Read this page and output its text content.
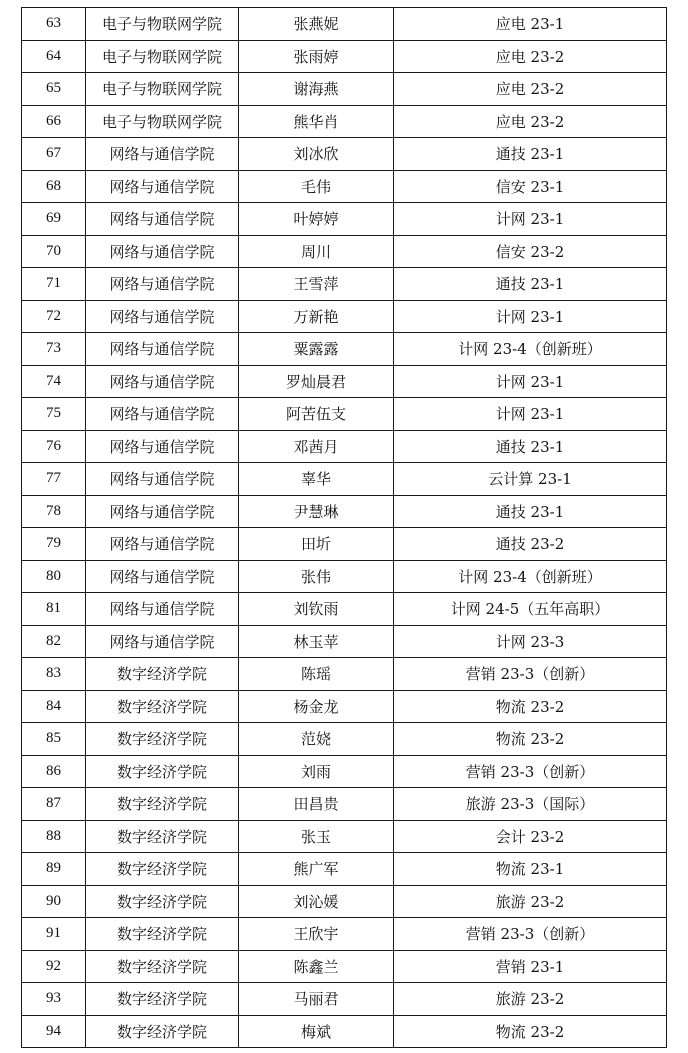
63	电子与物联网学院	张燕妮	应电 23-1
64	电子与物联网学院	张雨婷	应电 23-2
65	电子与物联网学院	谢海燕	应电 23-2
66	电子与物联网学院	熊华肖	应电 23-2
67	网络与通信学院	刘冰欣	通技 23-1
68	网络与通信学院	毛伟	信安 23-1
69	网络与通信学院	叶婷婷	计网 23-1
70	网络与通信学院	周川	信安 23-2
71	网络与通信学院	王雪萍	通技 23-1
72	网络与通信学院	万新艳	计网 23-1
73	网络与通信学院	粟露露	计网 23-4（创新班）
74	网络与通信学院	罗灿晨君	计网 23-1
75	网络与通信学院	阿苦伍支	计网 23-1
76	网络与通信学院	邓茜月	通技 23-1
77	网络与通信学院	辜华	云计算 23-1
78	网络与通信学院	尹慧琳	通技 23-1
79	网络与通信学院	田圻	通技 23-2
80	网络与通信学院	张伟	计网 23-4（创新班）
81	网络与通信学院	刘钦雨	计网 24-5（五年高职）
82	网络与通信学院	林玉苹	计网 23-3
83	数字经济学院	陈瑶	营销 23-3（创新）
84	数字经济学院	杨金龙	物流 23-2
85	数字经济学院	范娆	物流 23-2
86	数字经济学院	刘雨	营销 23-3（创新）
87	数字经济学院	田昌贵	旅游 23-3（国际）
88	数字经济学院	张玉	会计 23-2
89	数字经济学院	熊广军	物流 23-1
90	数字经济学院	刘沁媛	旅游 23-2
91	数字经济学院	王欣宇	营销 23-3（创新）
92	数字经济学院	陈鑫兰	营销 23-1
93	数字经济学院	马丽君	旅游 23-2
94	数字经济学院	梅斌	物流 23-2
